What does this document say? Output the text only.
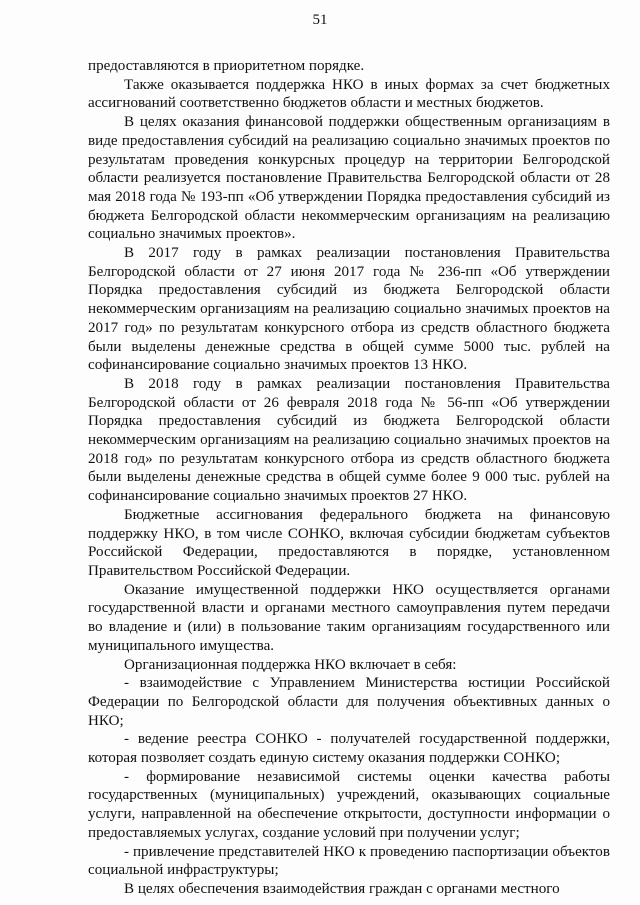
51

предоставляются в приоритетном порядке.

Также оказывается поддержка НКО в иных формах за счет бюджетных ассигнований соответственно бюджетов области и местных бюджетов.

В целях оказания финансовой поддержки общественным организациям в виде предоставления субсидий на реализацию социально значимых проектов по результатам проведения конкурсных процедур на территории Белгородской области реализуется постановление Правительства Белгородской области от 28 мая 2018 года № 193-пп «Об утверждении Порядка предоставления субсидий из бюджета Белгородской области некоммерческим организациям на реализацию социально значимых проектов».

В 2017 году в рамках реализации постановления Правительства Белгородской области от 27 июня 2017 года № 236-пп «Об утверждении Порядка предоставления субсидий из бюджета Белгородской области некоммерческим организациям на реализацию социально значимых проектов на 2017 год» по результатам конкурсного отбора из средств областного бюджета были выделены денежные средства в общей сумме 5000 тыс. рублей на софинансирование социально значимых проектов 13 НКО.

В 2018 году в рамках реализации постановления Правительства Белгородской области от 26 февраля 2018 года № 56-пп «Об утверждении Порядка предоставления субсидий из бюджета Белгородской области некоммерческим организациям на реализацию социально значимых проектов на 2018 год» по результатам конкурсного отбора из средств областного бюджета были выделены денежные средства в общей сумме более 9 000 тыс. рублей на софинансирование социально значимых проектов 27 НКО.

Бюджетные ассигнования федерального бюджета на финансовую поддержку НКО, в том числе СОНКО, включая субсидии бюджетам субъектов Российской Федерации, предоставляются в порядке, установленном Правительством Российской Федерации.

Оказание имущественной поддержки НКО осуществляется органами государственной власти и органами местного самоуправления путем передачи во владение и (или) в пользование таким организациям государственного или муниципального имущества.

Организационная поддержка НКО включает в себя:

- взаимодействие с Управлением Министерства юстиции Российской Федерации по Белгородской области для получения объективных данных о НКО;

- ведение реестра СОНКО - получателей государственной поддержки, которая позволяет создать единую систему оказания поддержки СОНКО;

- формирование независимой системы оценки качества работы государственных (муниципальных) учреждений, оказывающих социальные услуги, направленной на обеспечение открытости, доступности информации о предоставляемых услугах, создание условий при получении услуг;

- привлечение представителей НКО к проведению паспортизации объектов социальной инфраструктуры;

В целях обеспечения взаимодействия граждан с органами местного
